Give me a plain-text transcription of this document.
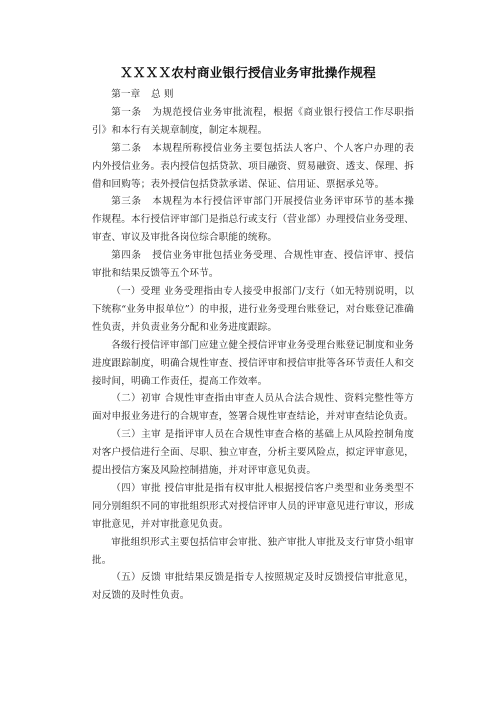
ＸＸＸＸ农村商业银行授信业务审批操作规程

第一章 总 则

第一条 为规范授信业务审批流程，根据《商业银行授信工作尽职指引》和本行有关规章制度，制定本规程。

第二条 本规程所称授信业务主要包括法人客户、个人客户办理的表内外授信业务。表内授信包括贷款、项目融资、贸易融资、透支、保理、拆借和回购等；表外授信包括贷款承诺、保证、信用证、票据承兑等。

第三条 本规程为本行授信评审部门开展授信业务评审环节的基本操作规程。本行授信评审部门是指总行或支行（营业部）办理授信业务受理、审查、审议及审批各岗位综合职能的统称。

第四条 授信业务审批包括业务受理、合规性审查、授信评审、授信审批和结果反馈等五个环节。

（一）受理 业务受理指由专人接受申报部门/支行（如无特别说明，以下统称“业务申报单位”）的申报，进行业务受理台账登记，对台账登记准确性负责，并负责业务分配和业务进度跟踪。

各级行授信评审部门应建立健全授信评审业务受理台账登记制度和业务进度跟踪制度，明确合规性审查、授信评审和授信审批等各环节责任人和交接时间，明确工作责任，提高工作效率。

（二）初审 合规性审查指由审查人员从合法合规性、资料完整性等方面对申报业务进行的合规审查，签署合规性审查结论，并对审查结论负责。

（三）主审 是指评审人员在合规性审查合格的基础上从风险控制角度对客户授信进行全面、尽职、独立审查，分析主要风险点，拟定评审意见，提出授信方案及风险控制措施，并对评审意见负责。

（四）审批 授信审批是指有权审批人根据授信客户类型和业务类型不同分别组织不同的审批组织形式对授信评审人员的评审意见进行审议，形成审批意见，并对审批意见负责。

审批组织形式主要包括信审会审批、独产审批人审批及支行审贷小组审批。

（五）反馈 审批结果反馈是指专人按照规定及时反馈授信审批意见，对反馈的及时性负责。
